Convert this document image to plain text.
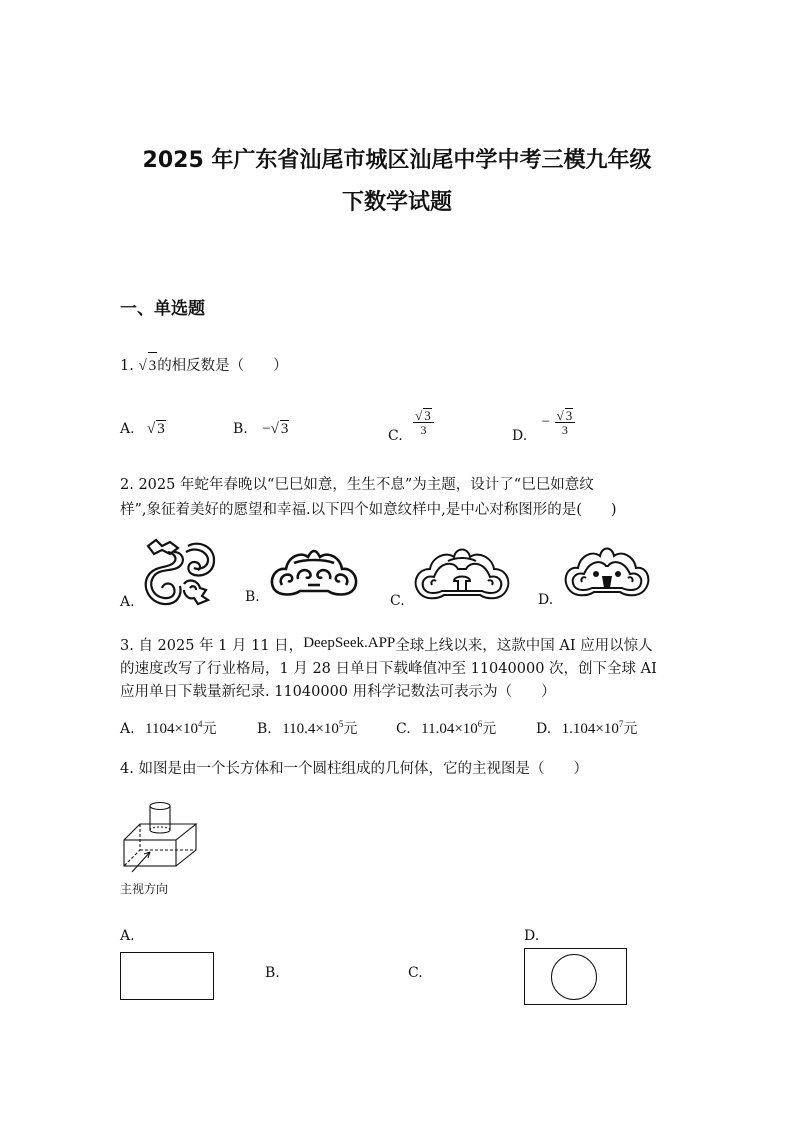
2025 年广东省汕尾市城区汕尾中学中考三模九年级
下数学试题
一、单选题
1. √ 3的相反数是（　　）
A. √ 3	B. −√ 3	C. $\frac{√ 3}{3}$	D. − $\frac{√ 3}{3}$
2. 2025 年蛇年春晚以“巳巳如意，生生不息”为主题，设计了“巳巳如意纹
样”,象征着美好的愿望和幸福.以下四个如意纹样中,是中心对称图形的是(　　)
A.	B.	C.	D.
3. 自 2025 年 1 月 11 日，DeepSeek.APP全球上线以来，这款中国 AI 应用以惊人
的速度改写了行业格局，1 月 28 日单日下载峰值冲至 11040000 次，创下全球 AI
应用单日下载量新纪录. 11040000 用科学记数法可表示为（　　）
A. $1104\times 10^4$元	B. $110.4\times 10^5$元	C. $11.04\times 10^6$元	D. $1.104\times 10^7$元
4. 如图是由一个长方体和一个圆柱组成的几何体，它的主视图是（　　）
主视方向
A.
B.	C.
D.
